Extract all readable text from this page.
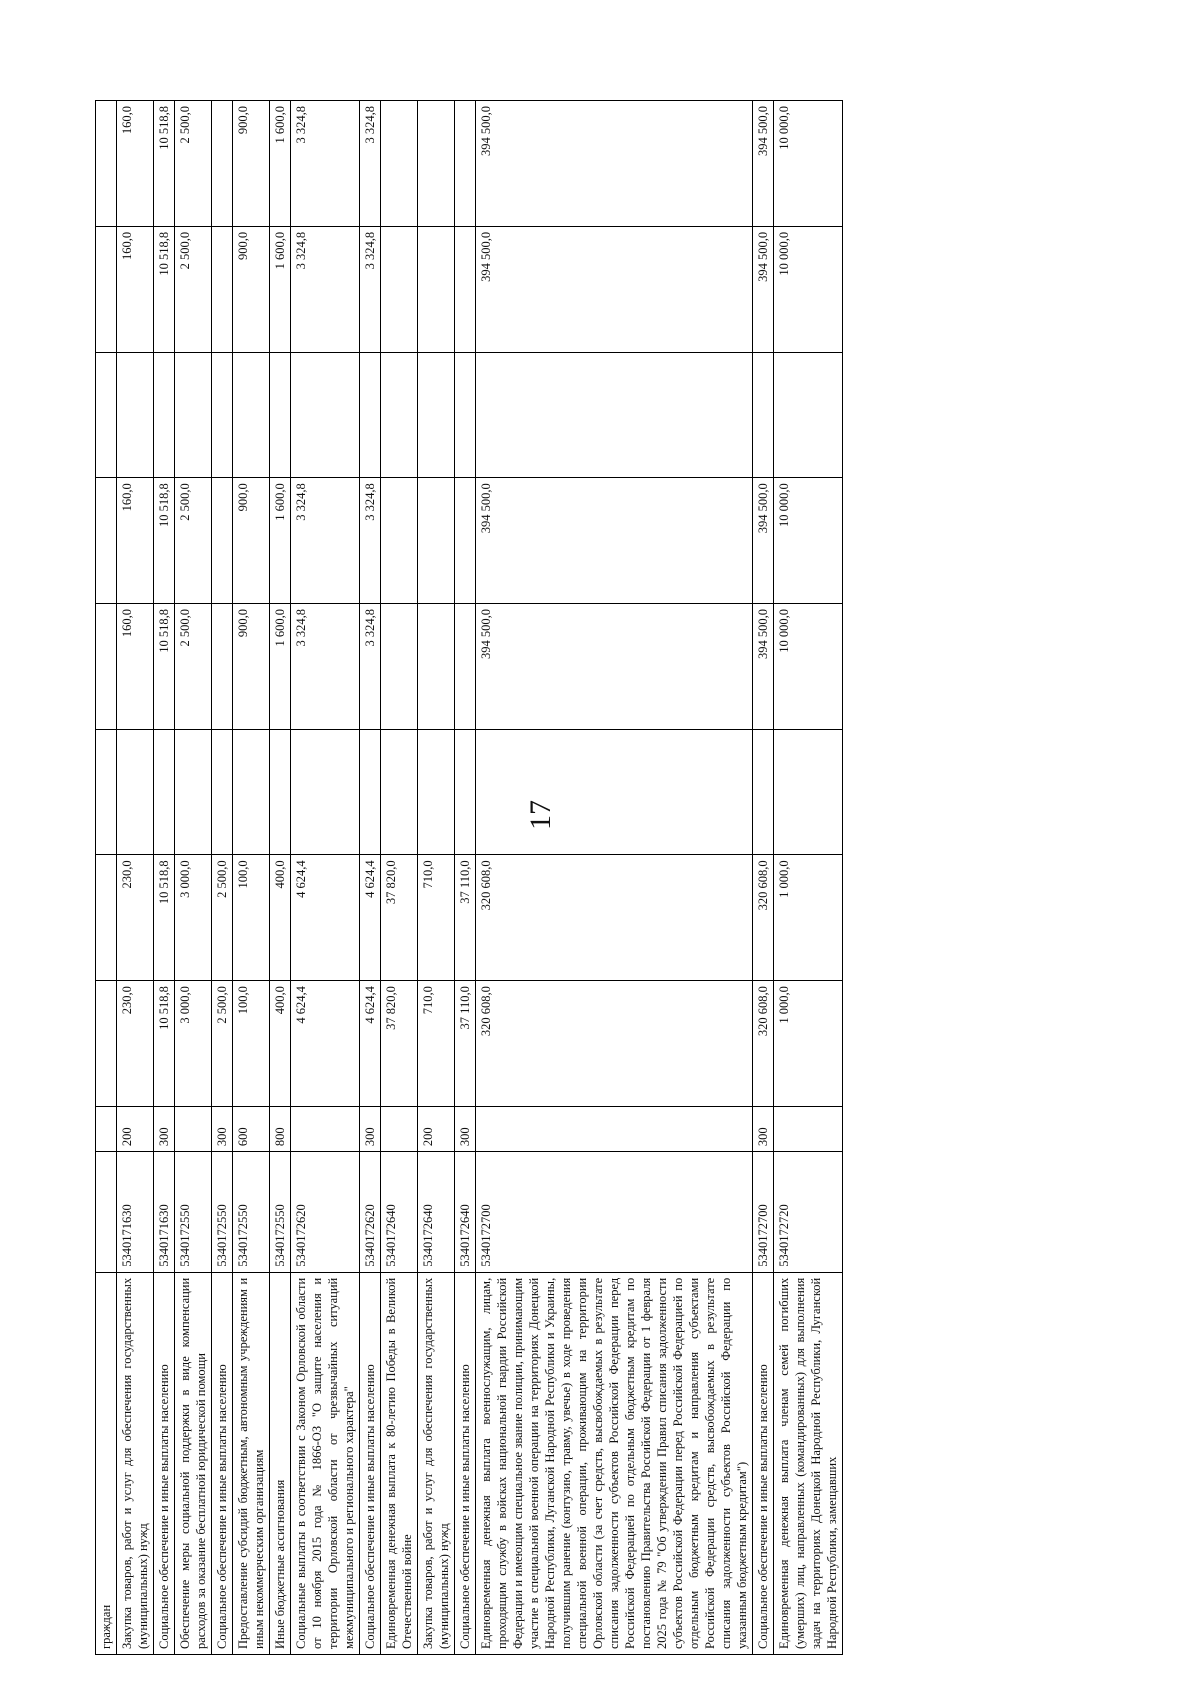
17
граждан										
Закупка товаров, работ и услуг для обеспечения государственных (муниципальных) нужд	5340171630	200	230,0	230,0		160,0	160,0		160,0	160,0
Социальное обеспечение и иные выплаты населению	5340171630	300	10 518,8	10 518,8		10 518,8	10 518,8		10 518,8	10 518,8
Обеспечение меры социальной поддержки в виде компенсации расходов за оказание бесплатной юридической помощи	5340172550		3 000,0	3 000,0		2 500,0	2 500,0		2 500,0	2 500,0
Социальное обеспечение и иные выплаты населению	5340172550	300	2 500,0	2 500,0						
Предоставление субсидий бюджетным, автономным учреждениям и иным некоммерческим организациям	5340172550	600	100,0	100,0		900,0	900,0		900,0	900,0
Иные бюджетные ассигнования	5340172550	800	400,0	400,0		1 600,0	1 600,0		1 600,0	1 600,0
Социальные выплаты в соответствии с Законом Орловской области от 10 ноября 2015 года № 1866-ОЗ "О защите населения и территории Орловской области от чрезвычайных ситуаций межмуниципального и регионального характера"	5340172620		4 624,4	4 624,4		3 324,8	3 324,8		3 324,8	3 324,8
Социальное обеспечение и иные выплаты населению	5340172620	300	4 624,4	4 624,4		3 324,8	3 324,8		3 324,8	3 324,8
Единовременная денежная выплата к 80-летию Победы в Великой Отечественной войне	5340172640		37 820,0	37 820,0						
Закупка товаров, работ и услуг для обеспечения государственных (муниципальных) нужд	5340172640	200	710,0	710,0						
Социальное обеспечение и иные выплаты населению	5340172640	300	37 110,0	37 110,0						
Единовременная денежная выплата военнослужащим, лицам, проходящим службу в войсках национальной гвардии Российской Федерации и имеющим специальное звание полиции, принимающим участие в специальной военной операции на территориях Донецкой Народной Республики, Луганской Народной Республики и Украины, получившим ранение (контузию, травму, увечье) в ходе проведения специальной военной операции, проживающим на территории Орловской области (за счет средств, высвобождаемых в результате списания задолженности субъектов Российской Федерации перед Российской Федерацией по отдельным бюджетным кредитам по постановлению Правительства Российской Федерации от 1 февраля 2025 года № 79 "Об утверждении Правил списания задолженности субъектов Российской Федерации перед Российской Федерацией по отдельным бюджетным кредитам и направления субъектами Российской Федерации средств, высвобождаемых в результате списания задолженности субъектов Российской Федерации по указанным бюджетным кредитам")	5340172700		320 608,0	320 608,0		394 500,0	394 500,0		394 500,0	394 500,0
Социальное обеспечение и иные выплаты населению	5340172700	300	320 608,0	320 608,0		394 500,0	394 500,0		394 500,0	394 500,0
Единовременная денежная выплата членам семей погибших (умерших) лиц, направленных (командированных) для выполнения задач на территориях Донецкой Народной Республики, Луганской Народной Республики, замещавших	5340172720		1 000,0	1 000,0		10 000,0	10 000,0		10 000,0	10 000,0
